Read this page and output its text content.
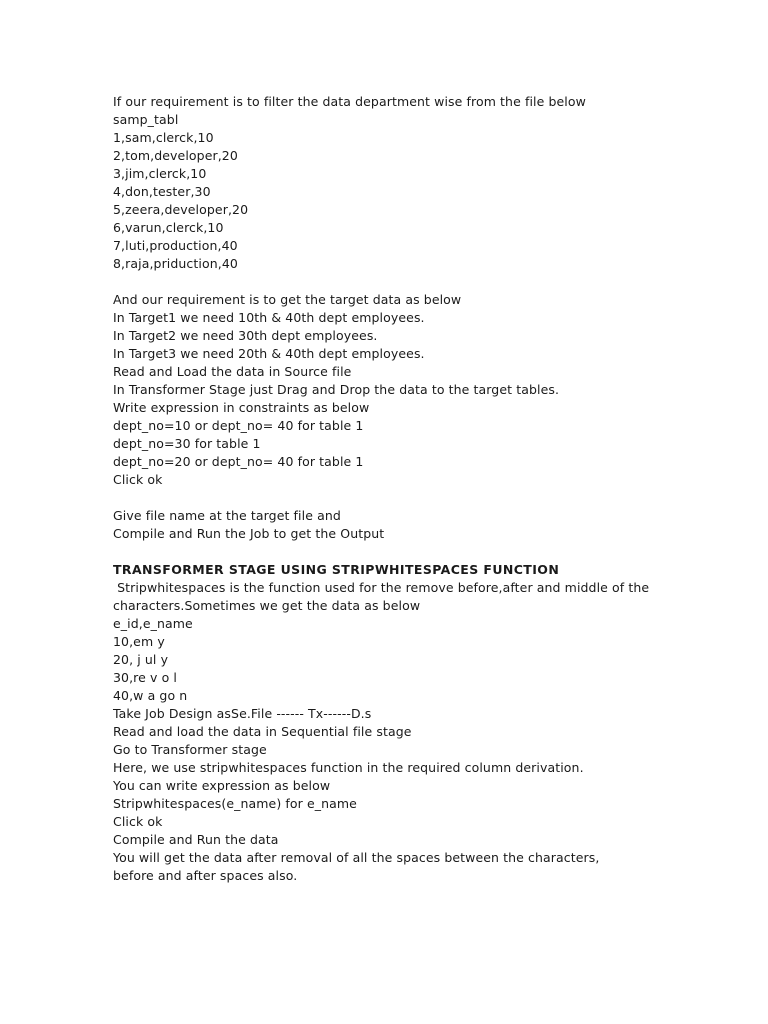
If our requirement is to filter the data department wise from the file below
samp_tabl
1,sam,clerck,10
2,tom,developer,20
3,jim,clerck,10
4,don,tester,30
5,zeera,developer,20
6,varun,clerck,10
7,luti,production,40
8,raja,priduction,40
And our requirement is to get the target data as below
In Target1 we need 10th & 40th dept employees.
In Target2 we need 30th dept employees.
In Target3 we need 20th & 40th dept employees.
Read and Load the data in Source file
In Transformer Stage just Drag and Drop the data to the target tables.
Write expression in constraints as below
dept_no=10 or dept_no= 40 for table 1
dept_no=30 for table 1
dept_no=20 or dept_no= 40 for table 1
Click ok
Give file name at the target file and
Compile and Run the Job to get the Output
TRANSFORMER STAGE USING STRIPWHITESPACES FUNCTION
Stripwhitespaces is the function used for the remove before,after and middle of the
characters.Sometimes we get the data as below
e_id,e_name
10,em y
20, j ul y
30,re v o l
40,w a go n
Take Job Design asSe.File ------ Tx------D.s
Read and load the data in Sequential file stage
Go to Transformer stage
Here, we use stripwhitespaces function in the required column derivation.
You can write expression as below
Stripwhitespaces(e_name) for e_name
Click ok
Compile and Run the data
You will get the data after removal of all the spaces between the characters,
before and after spaces also.
